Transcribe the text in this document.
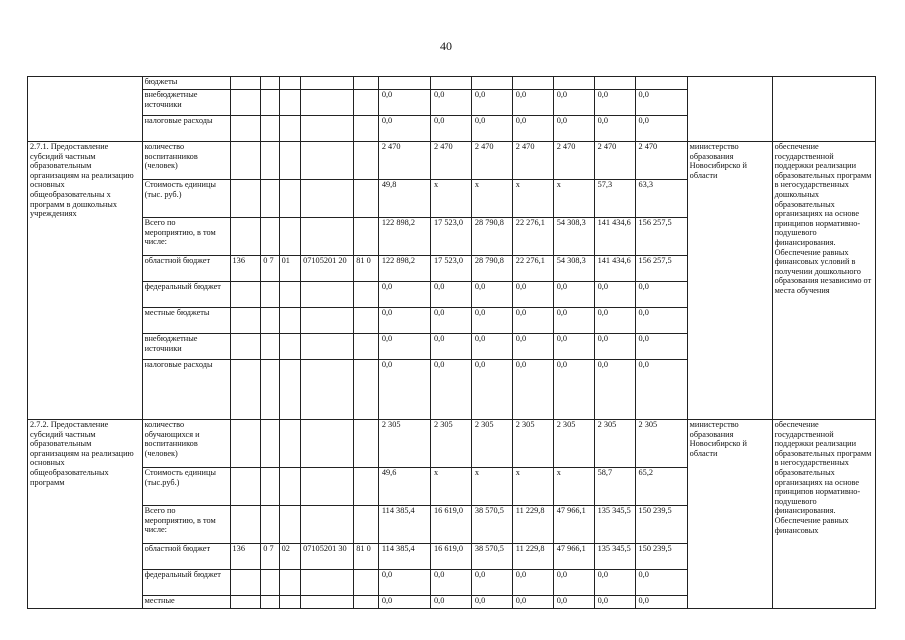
40
	бюджеты														
	внебюджетные источники						0,0	0,0	0,0	0,0	0,0	0,0	0,0		
	налоговые расходы						0,0	0,0	0,0	0,0	0,0	0,0	0,0		
2.7.1. Предоставление субсидий частным образовательным организациям на реализацию основных общеобразовательны х программ в дошкольных учреждениях	количество воспитанников (человек)						2 470	2 470	2 470	2 470	2 470	2 470	2 470	министерство образования Новосибирско й области	обеспечение государственной поддержки реализации образовательных программ в негосударственных дошкольных образовательных организациях на основе принципов нормативно-подушевого финансирования. Обеспечение равных финансовых условий в получении дошкольного образования независимо от места обучения
	Стоимость единицы (тыс. руб.)						49,8	х	х	х	х	57,3	63,3		
	Всего по мероприятию, в том числе:						122 898,2	17 523,0	28 790,8	22 276,1	54 308,3	141 434,6	156 257,5		
	областной бюджет	136	0 7	01	07105201 20	81 0	122 898,2	17 523,0	28 790,8	22 276,1	54 308,3	141 434,6	156 257,5		
	федеральный бюджет						0,0	0,0	0,0	0,0	0,0	0,0	0,0		
	местные бюджеты						0,0	0,0	0,0	0,0	0,0	0,0	0,0		
	внебюджетные источники						0,0	0,0	0,0	0,0	0,0	0,0	0,0		
	налоговые расходы						0,0	0,0	0,0	0,0	0,0	0,0	0,0		
2.7.2. Предоставление субсидий частным образовательным организациям на реализацию основных общеобразовательных программ	количество обучающихся и воспитанников (человек)						2 305	2 305	2 305	2 305	2 305	2 305	2 305	министерство образования Новосибирско й области	обеспечение государственной поддержки реализации образовательных программ в негосударственных образовательных организациях на основе принципов нормативно-подушевого финансирования. Обеспечение равных финансовых
	Стоимость единицы (тыс.руб.)						49,6	х	х	х	х	58,7	65,2		
	Всего по мероприятию, в том числе:						114 385,4	16 619,0	38 570,5	11 229,8	47 966,1	135 345,5	150 239,5		
	областной бюджет	136	0 7	02	07105201 30	81 0	114 385,4	16 619,0	38 570,5	11 229,8	47 966,1	135 345,5	150 239,5		
	федеральный бюджет						0,0	0,0	0,0	0,0	0,0	0,0	0,0		
	местные						0,0	0,0	0,0	0,0	0,0	0,0	0,0		
